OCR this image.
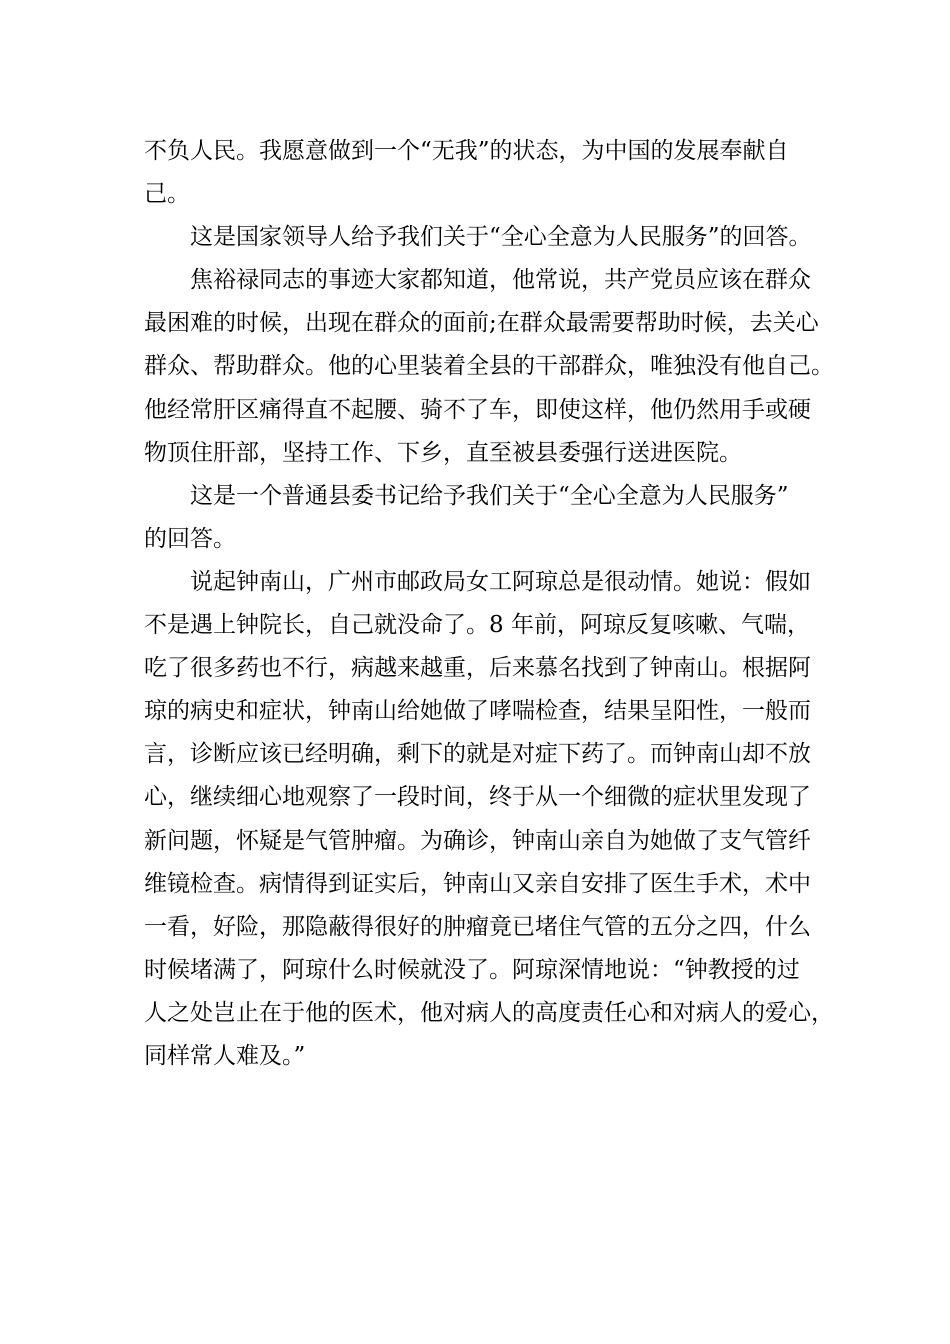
不负人民。我愿意做到一个“无我”的状态，为中国的发展奉献自

己。

这是国家领导人给予我们关于“全心全意为人民服务”的回答。

焦裕禄同志的事迹大家都知道，他常说，共产党员应该在群众

最困难的时候，出现在群众的面前;在群众最需要帮助时候，去关心

群众、帮助群众。他的心里装着全县的干部群众，唯独没有他自己。

他经常肝区痛得直不起腰、骑不了车，即使这样，他仍然用手或硬

物顶住肝部，坚持工作、下乡，直至被县委强行送进医院。

这是一个普通县委书记给予我们关于“全心全意为人民服务”

的回答。

说起钟南山，广州市邮政局女工阿琼总是很动情。她说：假如

不是遇上钟院长，自己就没命了。8 年前，阿琼反复咳嗽、气喘，

吃了很多药也不行，病越来越重，后来慕名找到了钟南山。根据阿

琼的病史和症状，钟南山给她做了哮喘检查，结果呈阳性，一般而

言，诊断应该已经明确，剩下的就是对症下药了。而钟南山却不放

心，继续细心地观察了一段时间，终于从一个细微的症状里发现了

新问题，怀疑是气管肿瘤。为确诊，钟南山亲自为她做了支气管纤

维镜检查。病情得到证实后，钟南山又亲自安排了医生手术，术中

一看，好险，那隐蔽得很好的肿瘤竟已堵住气管的五分之四，什么

时候堵满了，阿琼什么时候就没了。阿琼深情地说：“钟教授的过

人之处岂止在于他的医术，他对病人的高度责任心和对病人的爱心，

同样常人难及。”
